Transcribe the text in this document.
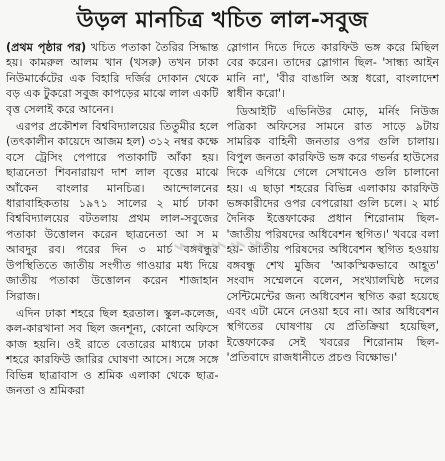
উড়ল মানচিত্র খচিত লাল-সবুজ

(প্রথম পৃষ্ঠার পর) খচিত পতাকা তৈরির সিদ্ধান্ত হয়। কামরুল আলম খান (খসরু) তখন ঢাকা নিউমার্কেটের এক বিহারি দর্জির দোকান থেকে বড় এক টুকরো সবুজ কাপড়ের মাঝে লাল একটি বৃত্ত সেলাই করে আনেন।

এরপর প্রকৌশল বিশ্ববিদ্যালয়ের তিতুমীর হলে (তৎকালীন কায়েদে আজম হল) ৩১২ নম্বর কক্ষে বসে ট্রেসিং পেপারে পতাকাটি আঁকা হয়। ছাত্রনেতা শিবনারায়ণ দাশ লাল বৃত্তের মাঝে আঁকেন বাংলার মানচিত্র। আন্দোলনের ধারাবাহিকতায় ১৯৭১ সালের ২ মার্চ ঢাকা বিশ্ববিদ্যালয়ের বটতলায় প্রথম লাল-সবুজের পতাকা উত্তোলন করেন ছাত্রনেতা আ স ম আবদুর রব। পরের দিন ৩ মার্চ বঙ্গবন্ধুর উপস্থিতিতে জাতীয় সংগীত গাওয়ার মধ্য দিয়ে জাতীয় পতাকা উত্তোলন করেন শাজাহান সিরাজ।

এদিন ঢাকা শহরে ছিল হরতাল। স্কুল-কলেজ, কল-কারখানা সব ছিল জনশূন্য, কোনো অফিসে কাজ হয়নি। ওই রাতে বেতারের মাধ্যমে ঢাকা শহরে কারফিউ জারির ঘোষণা আসে। সঙ্গে সঙ্গে বিভিন্ন ছাত্রাবাস ও শ্রমিক এলাকা থেকে ছাত্র-জনতা ও শ্রমিকরা

স্লোগান দিতে দিতে কারফিউ ভঙ্গ করে মিছিল বের করেন। তাদের স্লোগান ছিল- 'সান্ধ্য আইন মানি না', 'বীর বাঙালি অস্ত্র ধরো, বাংলাদেশ স্বাধীন করো'।

ডিআইটি এভিনিউর মোড়, মর্নিং নিউজ পত্রিকা অফিসের সামনে রাত সাড়ে ৯টায় সামরিক বাহিনী জনতার ওপর গুলি চালায়। বিপুল জনতা কারফিউ ভঙ্গ করে গভর্নর হাউসের দিকে এগিয়ে গেলে সেখানেও গুলি চালানো হয়। এ ছাড়া শহরের বিভিন্ন এলাকায় কারফিউ ভঙ্গকারীদের ওপর বেপরোয়া গুলি চলে। ২ মার্চ দৈনিক ইত্তেফাকের প্রধান শিরোনাম ছিল- 'জাতীয় পরিষদের অধিবেশন স্থগিত।' খবরে বলা হয়- জাতীয় পরিষদের অধিবেশন স্থগিত হওয়ায় বঙ্গবন্ধু শেখ মুজিব 'আকস্মিকভাবে আহূত' সংবাদ সম্মেলনে বলেন, সংখ্যালঘিষ্ঠ দলের সেন্টিমেন্টের জন্য অধিবেশন স্থগিত করা হয়েছে এবং এটা মেনে নেওয়া হবে না। আর অধিবেশন স্থগিতের ঘোষণায় যে প্রতিক্রিয়া হয়েছিল, ইত্তেফাকের সেই খবরের শিরোনাম ছিল- 'প্রতিবাদে রাজধানীতে প্রচণ্ড বিক্ষোভ।'

⌁⌁⌁⌁⌁
